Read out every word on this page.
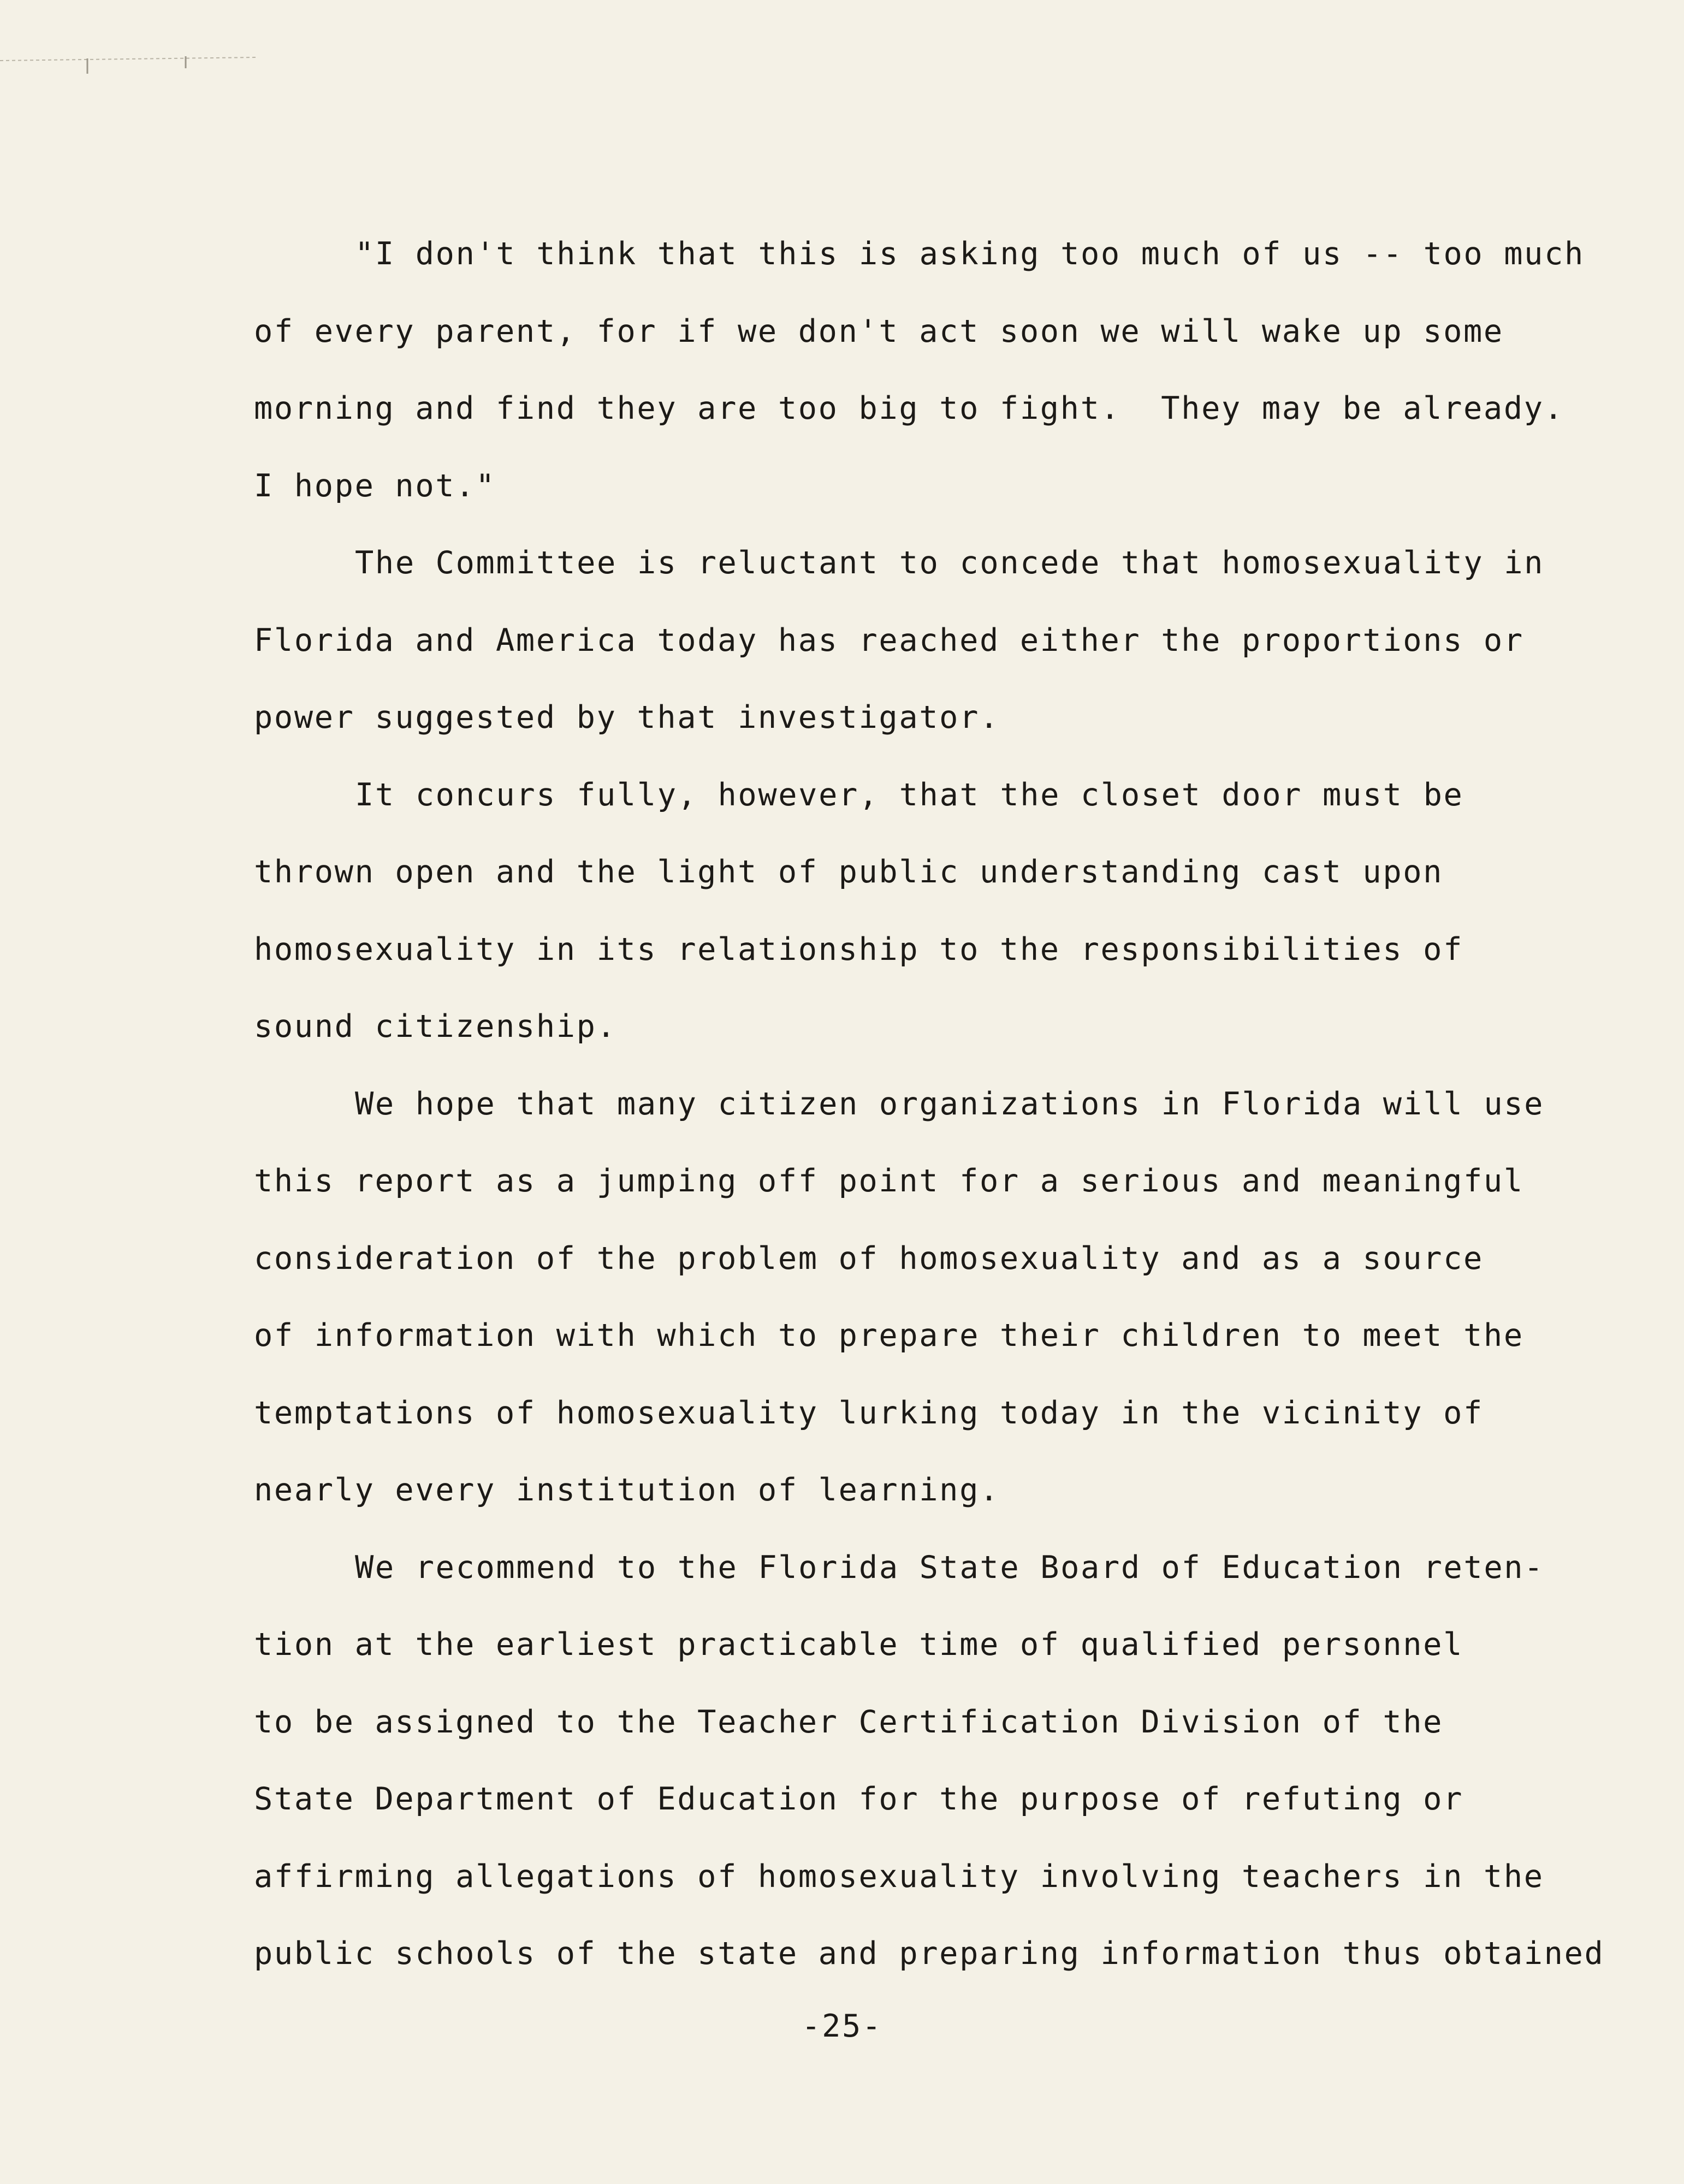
"I don't think that this is asking too much of us -- too much
of every parent, for if we don't act soon we will wake up some
morning and find they are too big to fight.  They may be already.
I hope not."
The Committee is reluctant to concede that homosexuality in
Florida and America today has reached either the proportions or
power suggested by that investigator.
It concurs fully, however, that the closet door must be
thrown open and the light of public understanding cast upon
homosexuality in its relationship to the responsibilities of
sound citizenship.
We hope that many citizen organizations in Florida will use
this report as a jumping off point for a serious and meaningful
consideration of the problem of homosexuality and as a source
of information with which to prepare their children to meet the
temptations of homosexuality lurking today in the vicinity of
nearly every institution of learning.
We recommend to the Florida State Board of Education reten-
tion at the earliest practicable time of qualified personnel
to be assigned to the Teacher Certification Division of the
State Department of Education for the purpose of refuting or
affirming allegations of homosexuality involving teachers in the
public schools of the state and preparing information thus obtained
-25-
